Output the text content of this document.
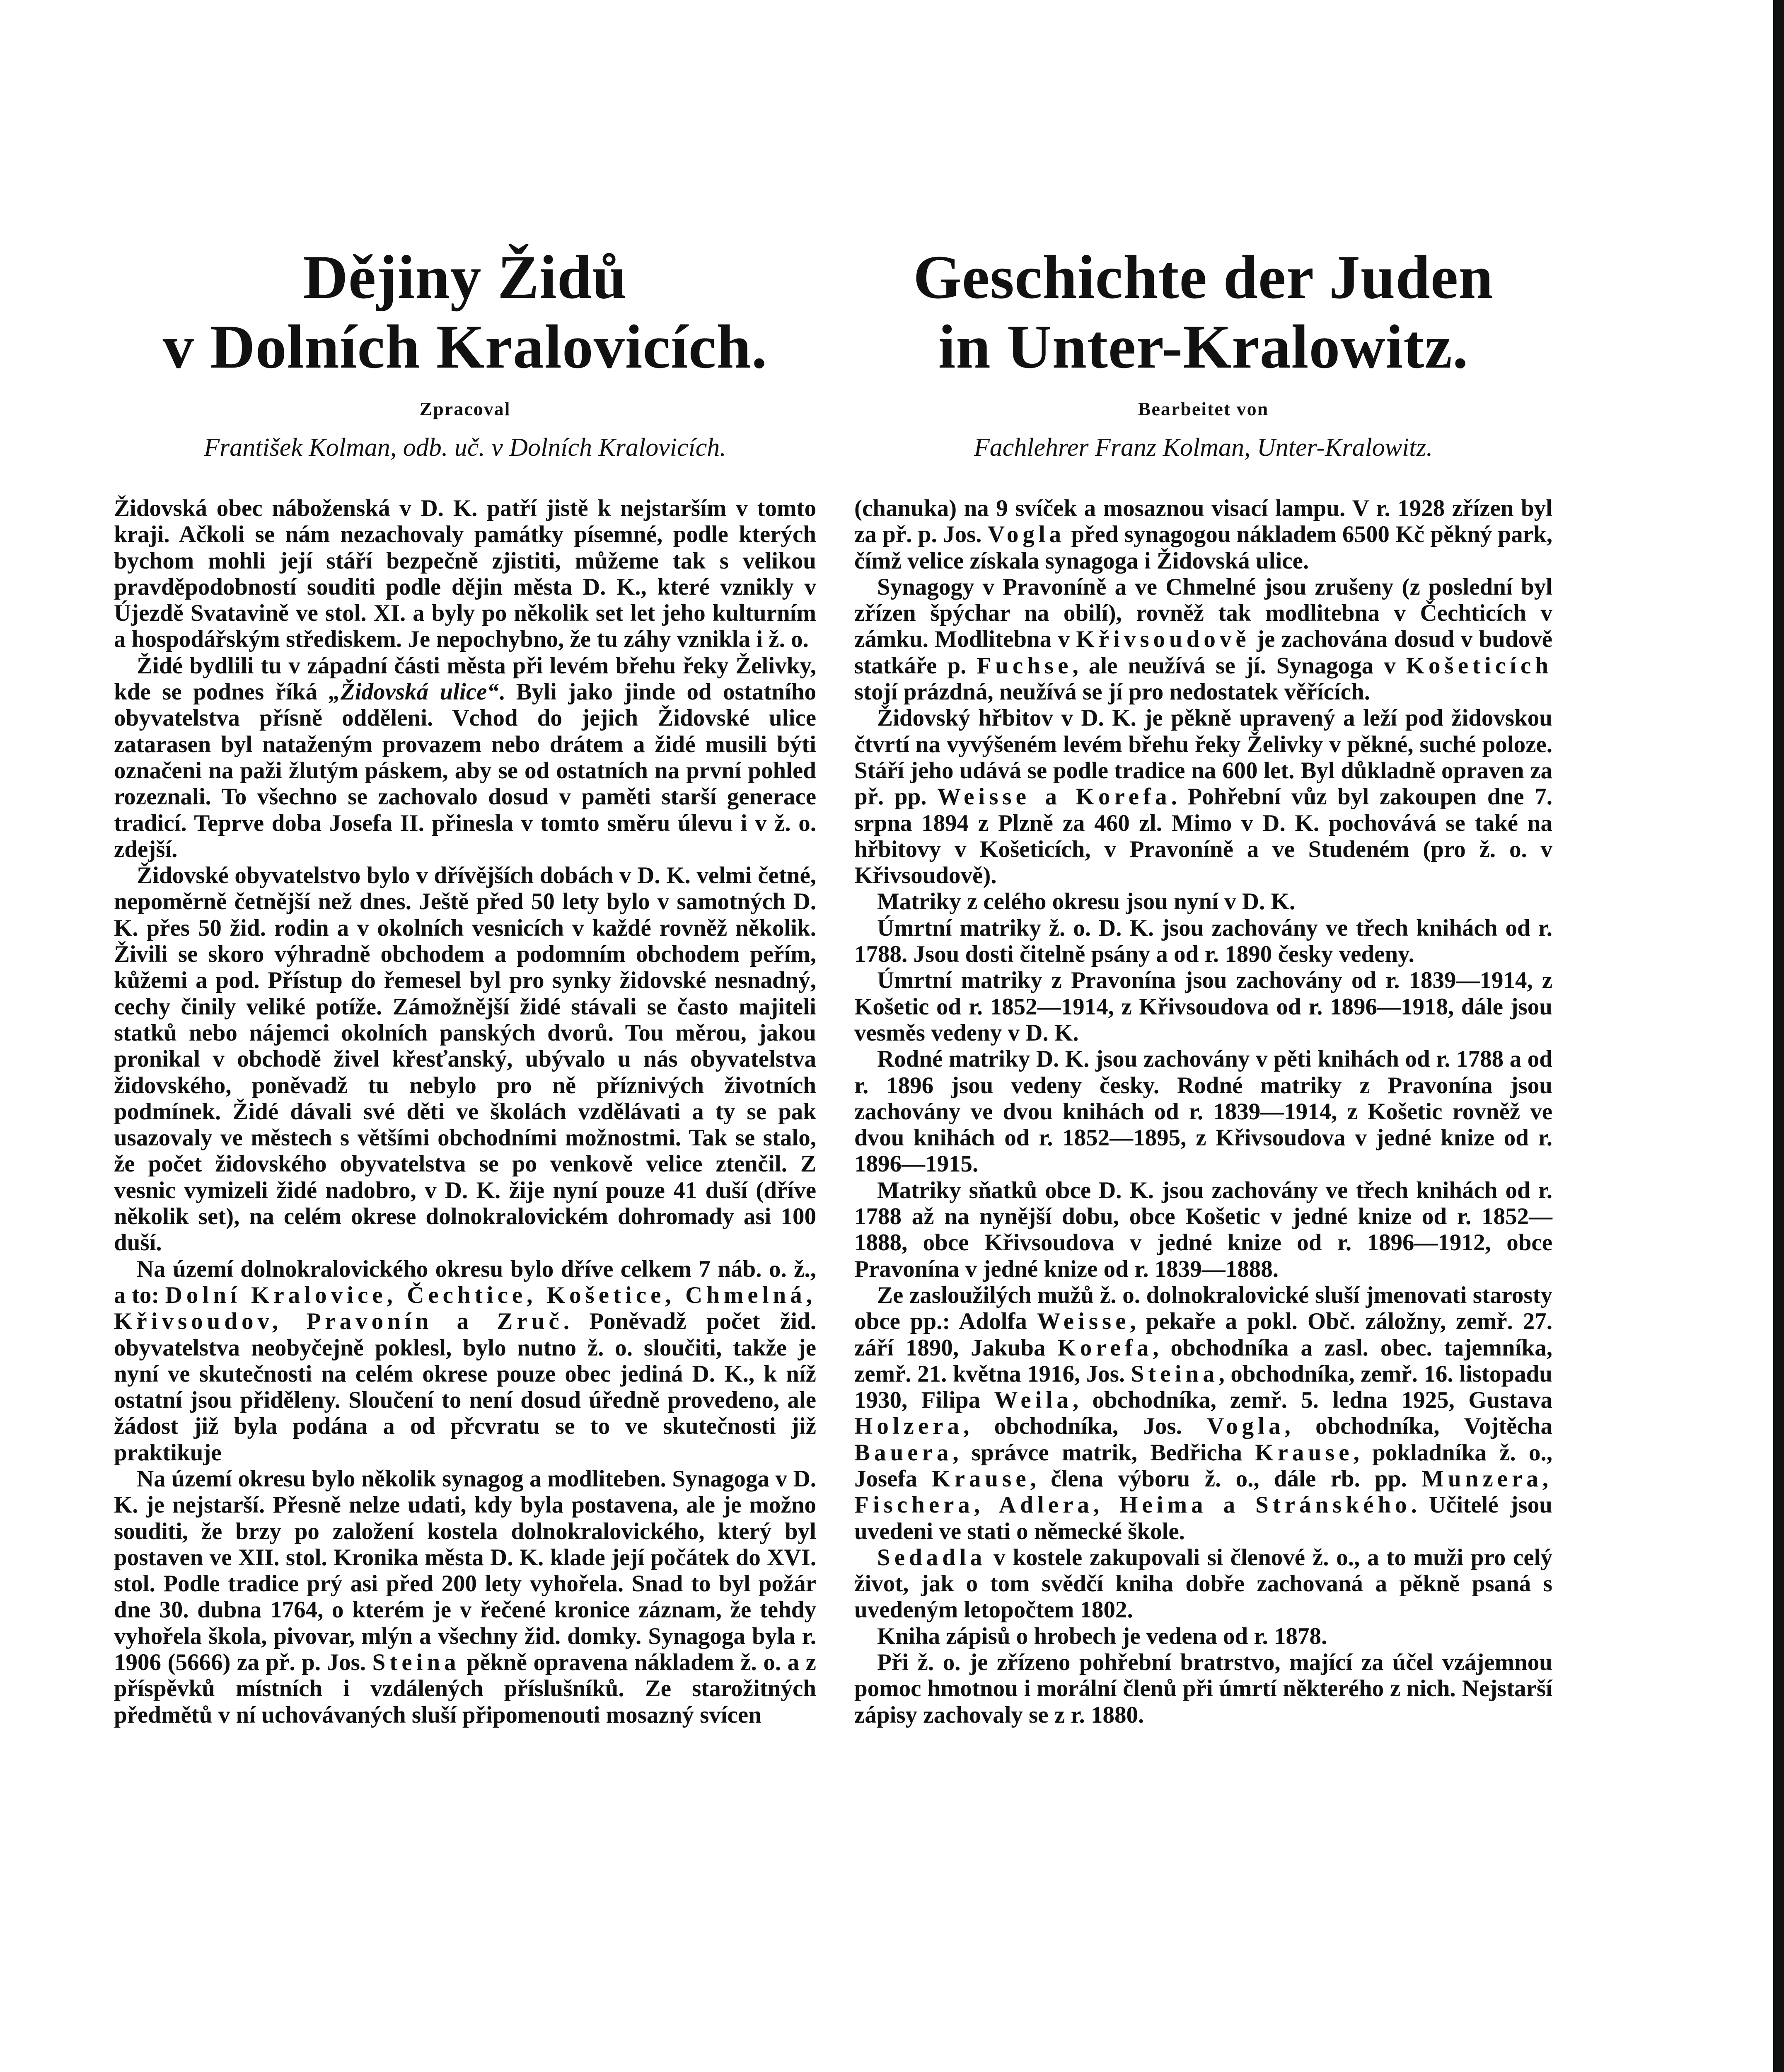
Dějiny Židů
v Dolních Kralovicích.
Zpracoval
František Kolman, odb. uč. v Dolních Kralovicích.

Židovská obec náboženská v D. K. patří jistě k nejstarším v tomto kraji. Ačkoli se nám nezachovaly památky písemné, podle kterých bychom mohli její stáří bezpečně zjistiti, můžeme tak s velikou pravděpodobností souditi podle dějin města D. K., které vznikly v Újezdě Svatavině ve stol. XI. a byly po několik set let jeho kulturním a hospodářským střediskem. Je nepochybno, že tu záhy vznikla i ž. o.

Židé bydlili tu v západní části města při levém břehu řeky Želivky, kde se podnes říká „Židovská ulice“. Byli jako jinde od ostatního obyvatelstva přísně odděleni. Vchod do jejich Židovské ulice zatarasen byl nataženým provazem nebo drátem a židé musili býti označeni na paži žlutým páskem, aby se od ostatních na první pohled rozeznali. To všechno se zachovalo dosud v paměti starší generace tradicí. Teprve doba Josefa II. přinesla v tomto směru úlevu i v ž. o. zdejší.

Židovské obyvatelstvo bylo v dřívějších dobách v D. K. velmi četné, nepoměrně četnější než dnes. Ještě před 50 lety bylo v samotných D. K. přes 50 žid. rodin a v okolních vesnicích v každé rovněž několik. Živili se skoro výhradně obchodem a podomním obchodem peřím, kůžemi a pod. Přístup do řemesel byl pro synky židovské nesnadný, cechy činily veliké potíže. Zámožnější židé stávali se často majiteli statků nebo nájemci okolních panských dvorů. Tou měrou, jakou pronikal v obchodě živel křesťanský, ubývalo u nás obyvatelstva židovského, poněvadž tu nebylo pro ně příznivých životních podmínek. Židé dávali své děti ve školách vzdělávati a ty se pak usazovaly ve městech s většími obchodními možnostmi. Tak se stalo, že počet židovského obyvatelstva se po venkově velice ztenčil. Z vesnic vymizeli židé nadobro, v D. K. žije nyní pouze 41 duší (dříve několik set), na celém okrese dolnokralovickém dohromady asi 100 duší.

Na území dolnokralovického okresu bylo dříve celkem 7 náb. o. ž., a to: Dolní Kralovice, Čechtice, Košetice, Chmelná, Křivsoudov, Pravonín a Zruč. Poněvadž počet žid. obyvatelstva neobyčejně poklesl, bylo nutno ž. o. sloučiti, takže je nyní ve skutečnosti na celém okrese pouze obec jediná D. K., k níž ostatní jsou přiděleny. Sloučení to není dosud úředně provedeno, ale žádost již byla podána a od přcvratu se to ve skutečnosti již praktikuje

Na území okresu bylo několik synagog a modliteben. Synagoga v D. K. je nejstarší. Přesně nelze udati, kdy byla postavena, ale je možno souditi, že brzy po založení kostela dolnokralovického, který byl postaven ve XII. stol. Kronika města D. K. klade její počátek do XVI. stol. Podle tradice prý asi před 200 lety vyhořela. Snad to byl požár dne 30. dubna 1764, o kterém je v řečené kronice záznam, že tehdy vyhořela škola, pivovar, mlýn a všechny žid. domky. Synagoga byla r. 1906 (5666) za př. p. Jos. Steina pěkně opravena nákladem ž. o. a z příspěvků místních i vzdálených příslušníků. Ze starožitných předmětů v ní uchovávaných sluší připomenouti mosazný svícen

Geschichte der Juden
in Unter-Kralowitz.
Bearbeitet von
Fachlehrer Franz Kolman, Unter-Kralowitz.

(chanuka) na 9 svíček a mosaznou visací lampu. V r. 1928 zřízen byl za př. p. Jos. Vogla před synagogou nákladem 6500 Kč pěkný park, čímž velice získala synagoga i Židovská ulice.

Synagogy v Pravoníně a ve Chmelné jsou zrušeny (z poslední byl zřízen špýchar na obilí), rovněž tak modlitebna v Čechticích v zámku. Modlitebna v Křivsoudově je zachována dosud v budově statkáře p. Fuchse, ale neužívá se jí. Synagoga v Košeticích stojí prázdná, neužívá se jí pro nedostatek věřících.

Židovský hřbitov v D. K. je pěkně upravený a leží pod židovskou čtvrtí na vyvýšeném levém břehu řeky Želivky v pěkné, suché poloze. Stáří jeho udává se podle tradice na 600 let. Byl důkladně opraven za př. pp. Weisse a Korefa. Pohřební vůz byl zakoupen dne 7. srpna 1894 z Plzně za 460 zl. Mimo v D. K. pochovává se také na hřbitovy v Košeticích, v Pravoníně a ve Studeném (pro ž. o. v Křivsoudově).

Matriky z celého okresu jsou nyní v D. K.

Úmrtní matriky ž. o. D. K. jsou zachovány ve třech knihách od r. 1788. Jsou dosti čitelně psány a od r. 1890 česky vedeny.

Úmrtní matriky z Pravonína jsou zachovány od r. 1839—1914, z Košetic od r. 1852—1914, z Křivsoudova od r. 1896—1918, dále jsou vesměs vedeny v D. K.

Rodné matriky D. K. jsou zachovány v pěti knihách od r. 1788 a od r. 1896 jsou vedeny česky. Rodné matriky z Pravonína jsou zachovány ve dvou knihách od r. 1839—1914, z Košetic rovněž ve dvou knihách od r. 1852—1895, z Křivsoudova v jedné knize od r. 1896—1915.

Matriky sňatků obce D. K. jsou zachovány ve třech knihách od r. 1788 až na nynější dobu, obce Košetic v jedné knize od r. 1852—1888, obce Křivsoudova v jedné knize od r. 1896—1912, obce Pravonína v jedné knize od r. 1839—1888.

Ze zasloužilých mužů ž. o. dolnokralovické sluší jmenovati starosty obce pp.: Adolfa Weisse, pekaře a pokl. Obč. záložny, zemř. 27. září 1890, Jakuba Korefa, obchodníka a zasl. obec. tajemníka, zemř. 21. května 1916, Jos. Steina, obchodníka, zemř. 16. listopadu 1930, Filipa Weila, obchodníka, zemř. 5. ledna 1925, Gustava Holzera, obchodníka, Jos. Vogla, obchodníka, Vojtěcha Bauera, správce matrik, Bedřicha Krause, pokladníka ž. o., Josefa Krause, člena výboru ž. o., dále rb. pp. Munzera, Fischera, Adlera, Heima a Stránského. Učitelé jsou uvedeni ve stati o německé škole.

Sedadla v kostele zakupovali si členové ž. o., a to muži pro celý život, jak o tom svědčí kniha dobře zachovaná a pěkně psaná s uvedeným letopočtem 1802.

Kniha zápisů o hrobech je vedena od r. 1878.

Při ž. o. je zřízeno pohřební bratrstvo, mající za účel vzájemnou pomoc hmotnou i morální členů při úmrtí některého z nich. Nejstarší zápisy zachovaly se z r. 1880.
